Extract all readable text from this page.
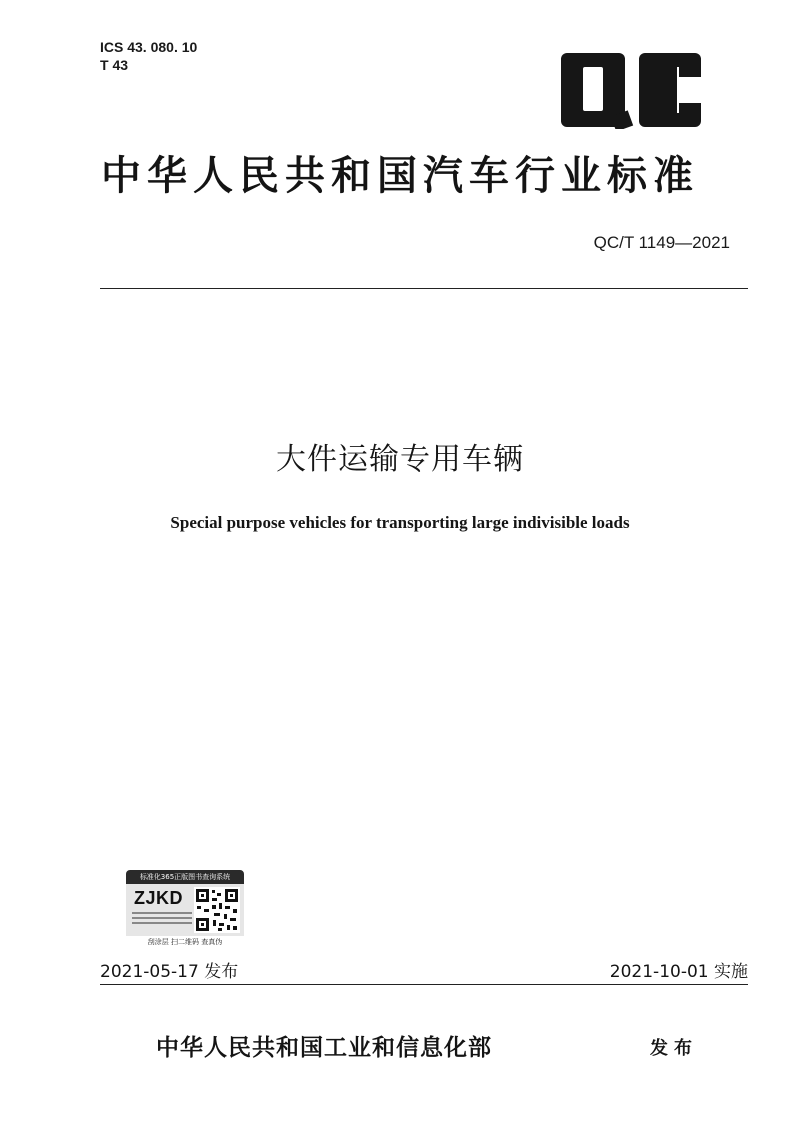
ICS 43. 080. 10
T 43
中华人民共和国汽车行业标准
QC/T 1149—2021
大件运输专用车辆
Special purpose vehicles for transporting large indivisible loads
标准化365正版图书查询系统
ZJKD
刮涂层 扫二维码 查真伪
2021-05-17 发布	2021-10-01 实施
中华人民共和国工业和信息化部	发布
